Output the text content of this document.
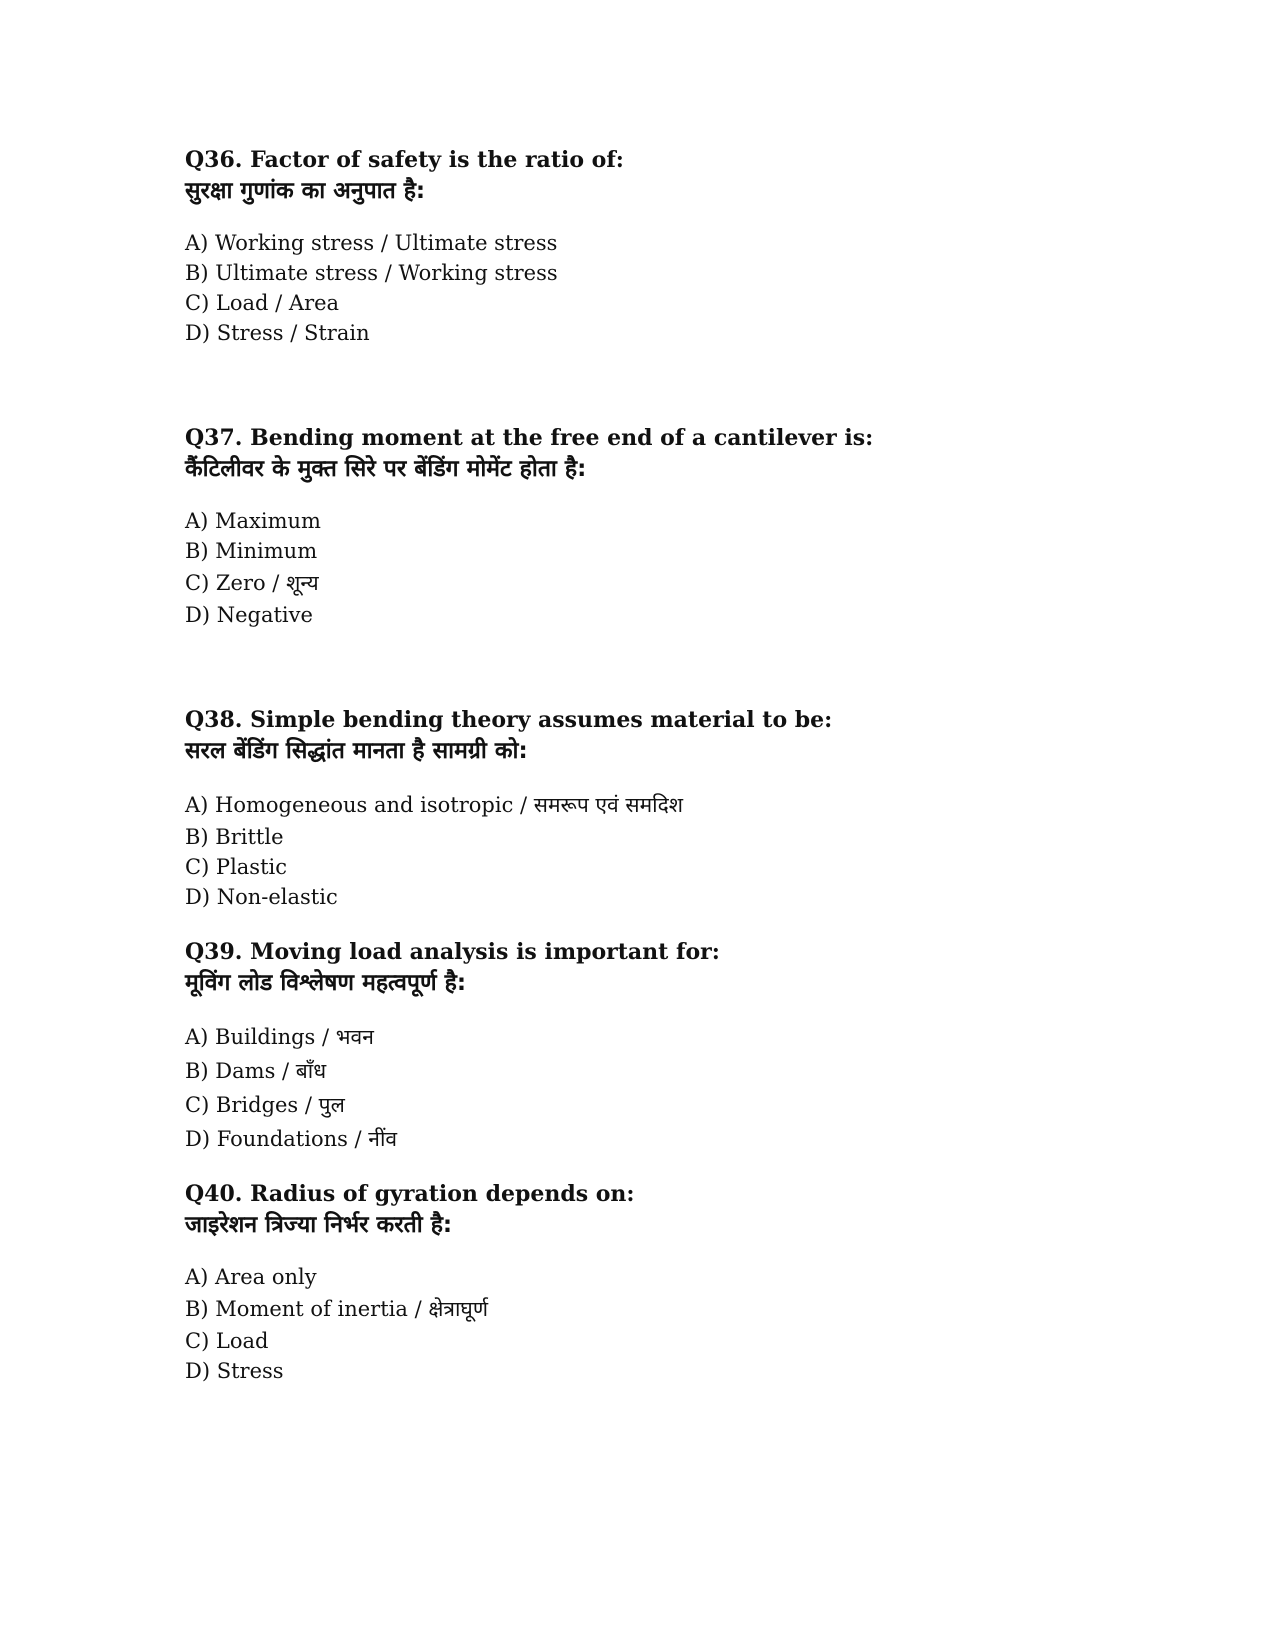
Q36. Factor of safety is the ratio of:

सुरक्षा गुणांक का अनुपात है:

A) Working stress / Ultimate stress
B) Ultimate stress / Working stress
C) Load / Area
D) Stress / Strain

Q37. Bending moment at the free end of a cantilever is:

कैंटिलीवर के मुक्त सिरे पर बेंडिंग मोमेंट होता है:

A) Maximum
B) Minimum
C) Zero / शून्य
D) Negative

Q38. Simple bending theory assumes material to be:

सरल बेंडिंग सिद्धांत मानता है सामग्री को:

A) Homogeneous and isotropic / समरूप एवं समदिश
B) Brittle
C) Plastic
D) Non-elastic

Q39. Moving load analysis is important for:

मूविंग लोड विश्लेषण महत्वपूर्ण है:

A) Buildings / भवन
B) Dams / बाँध
C) Bridges / पुल
D) Foundations / नींव

Q40. Radius of gyration depends on:

जाइरेशन त्रिज्या निर्भर करती है:

A) Area only
B) Moment of inertia / क्षेत्राघूर्ण
C) Load
D) Stress
